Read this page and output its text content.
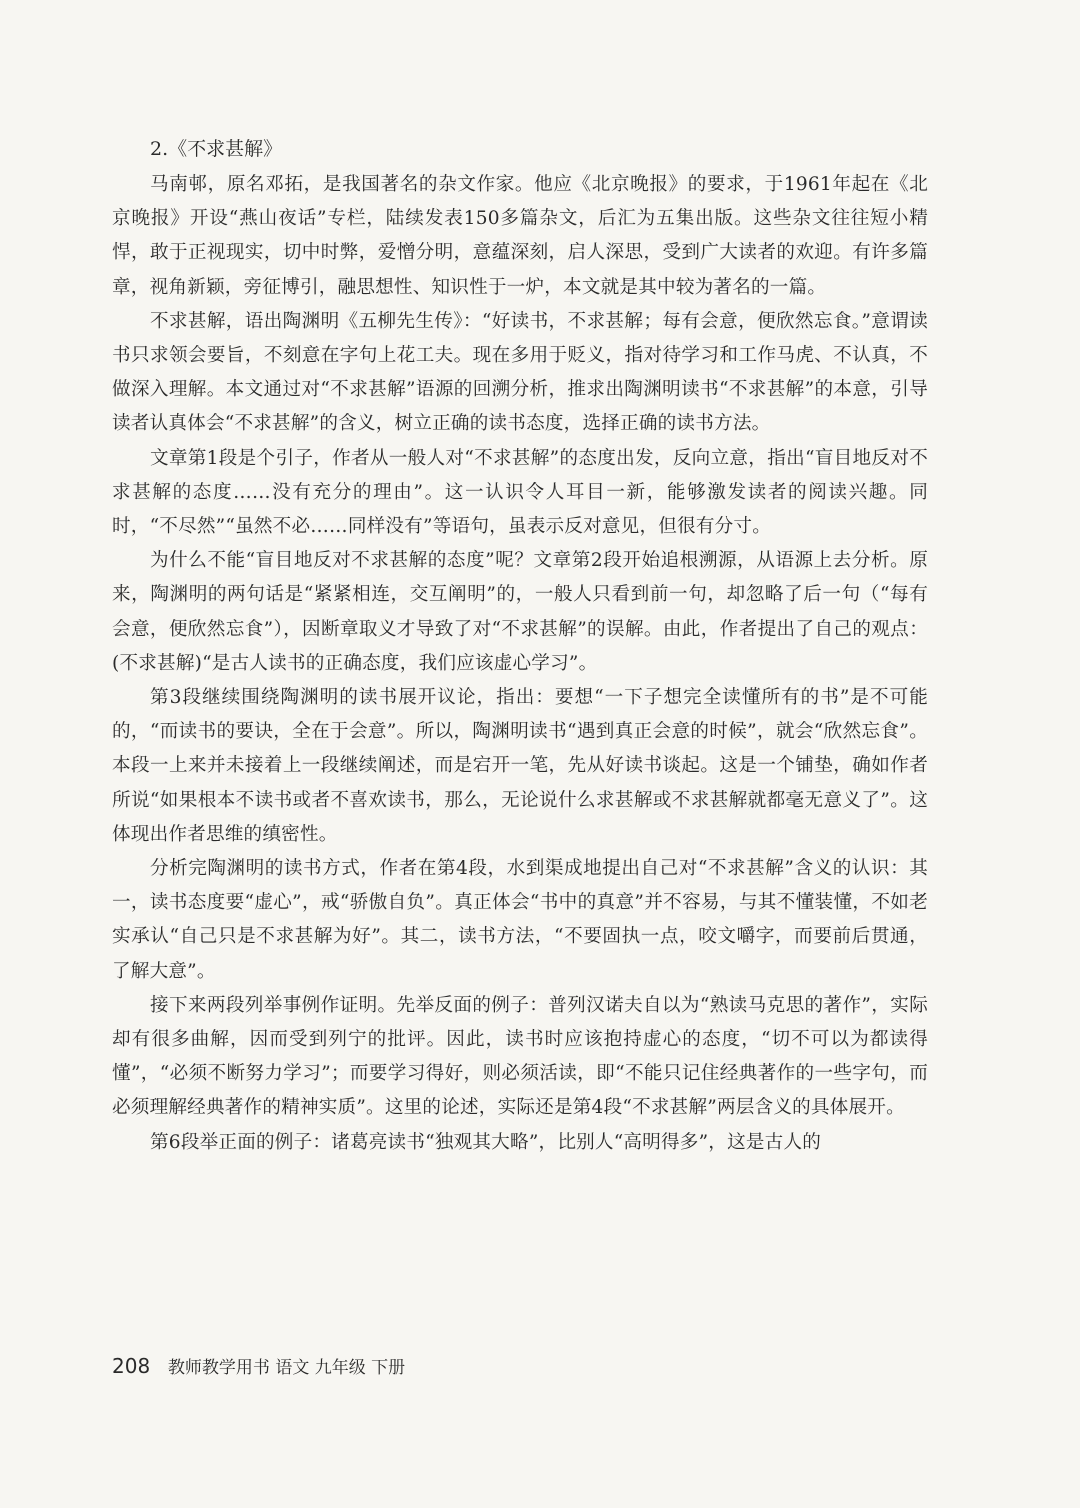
2.《不求甚解》

马南邨，原名邓拓，是我国著名的杂文作家。他应《北京晚报》的要求，于1961年起在《北京晚报》开设“燕山夜话”专栏，陆续发表150多篇杂文，后汇为五集出版。这些杂文往往短小精悍，敢于正视现实，切中时弊，爱憎分明，意蕴深刻，启人深思，受到广大读者的欢迎。有许多篇章，视角新颖，旁征博引，融思想性、知识性于一炉，本文就是其中较为著名的一篇。

不求甚解，语出陶渊明《五柳先生传》：“好读书，不求甚解；每有会意，便欣然忘食。”意谓读书只求领会要旨，不刻意在字句上花工夫。现在多用于贬义，指对待学习和工作马虎、不认真，不做深入理解。本文通过对“不求甚解”语源的回溯分析，推求出陶渊明读书“不求甚解”的本意，引导读者认真体会“不求甚解”的含义，树立正确的读书态度，选择正确的读书方法。

文章第1段是个引子，作者从一般人对“不求甚解”的态度出发，反向立意，指出“盲目地反对不求甚解的态度……没有充分的理由”。这一认识令人耳目一新，能够激发读者的阅读兴趣。同时，“不尽然”“虽然不必……同样没有”等语句，虽表示反对意见，但很有分寸。

为什么不能“盲目地反对不求甚解的态度”呢？文章第2段开始追根溯源，从语源上去分析。原来，陶渊明的两句话是“紧紧相连，交互阐明”的，一般人只看到前一句，却忽略了后一句（“每有会意，便欣然忘食”），因断章取义才导致了对“不求甚解”的误解。由此，作者提出了自己的观点：(不求甚解)“是古人读书的正确态度，我们应该虚心学习”。

第3段继续围绕陶渊明的读书展开议论，指出：要想“一下子想完全读懂所有的书”是不可能的，“而读书的要诀，全在于会意”。所以，陶渊明读书“遇到真正会意的时候”，就会“欣然忘食”。本段一上来并未接着上一段继续阐述，而是宕开一笔，先从好读书谈起。这是一个铺垫，确如作者所说“如果根本不读书或者不喜欢读书，那么，无论说什么求甚解或不求甚解就都毫无意义了”。这体现出作者思维的缜密性。

分析完陶渊明的读书方式，作者在第4段，水到渠成地提出自己对“不求甚解”含义的认识：其一，读书态度要“虚心”，戒“骄傲自负”。真正体会“书中的真意”并不容易，与其不懂装懂，不如老实承认“自己只是不求甚解为好”。其二，读书方法，“不要固执一点，咬文嚼字，而要前后贯通，了解大意”。

接下来两段列举事例作证明。先举反面的例子：普列汉诺夫自以为“熟读马克思的著作”，实际却有很多曲解，因而受到列宁的批评。因此，读书时应该抱持虚心的态度，“切不可以为都读得懂”，“必须不断努力学习”；而要学习得好，则必须活读，即“不能只记住经典著作的一些字句，而必须理解经典著作的精神实质”。这里的论述，实际还是第4段“不求甚解”两层含义的具体展开。

第6段举正面的例子：诸葛亮读书“独观其大略”，比别人“高明得多”，这是古人的

208 教师教学用书 语文 九年级 下册
